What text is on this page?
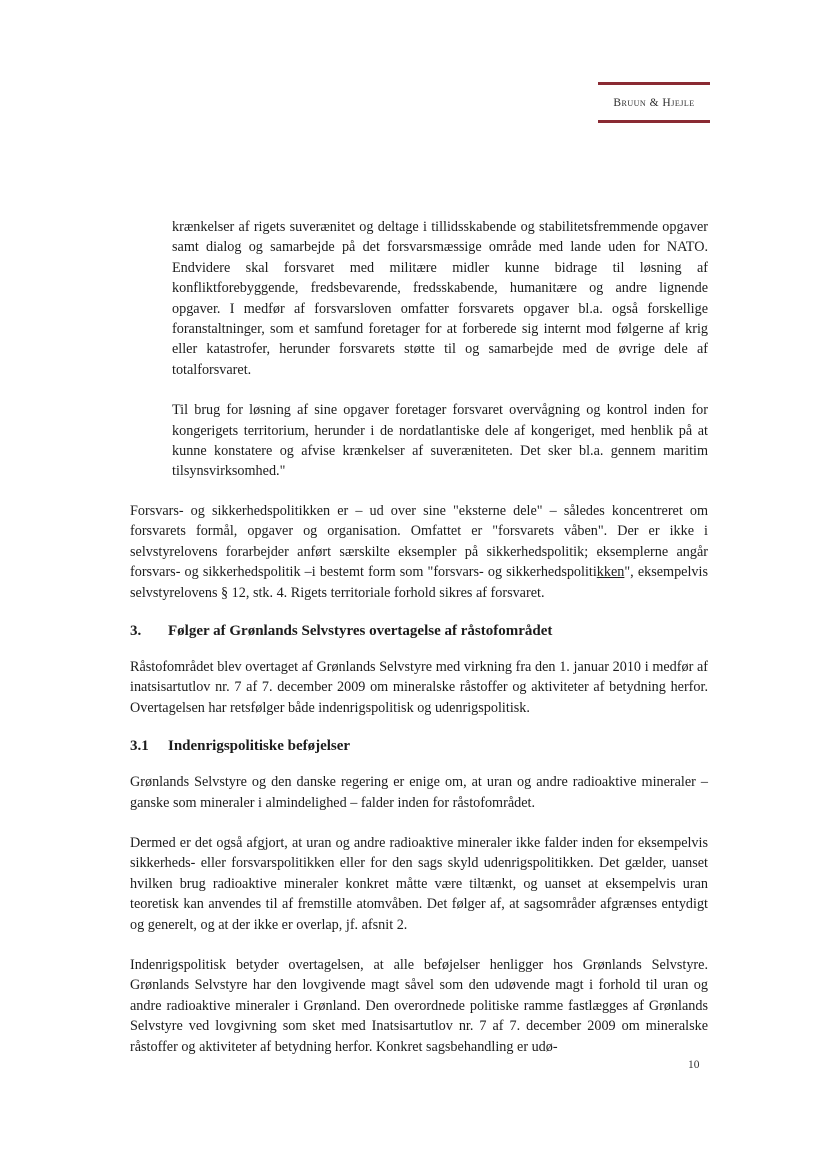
Bruun & Hjejle

krænkelser af rigets suverænitet og deltage i tillidsskabende og stabilitetsfremmende opgaver samt dialog og samarbejde på det forsvarsmæssige område med lande uden for NATO. Endvidere skal forsvaret med militære midler kunne bidrage til løsning af konfliktforebyggende, fredsbevarende, fredsskabende, humanitære og andre lignende opgaver. I medfør af forsvarsloven omfatter forsvarets opgaver bl.a. også forskellige foranstaltninger, som et samfund foretager for at forberede sig internt mod følgerne af krig eller katastrofer, herunder forsvarets støtte til og samarbejde med de øvrige dele af totalforsvaret.

Til brug for løsning af sine opgaver foretager forsvaret overvågning og kontrol inden for kongerigets territorium, herunder i de nordatlantiske dele af kongeriget, med henblik på at kunne konstatere og afvise krænkelser af suveræniteten. Det sker bl.a. gennem maritim tilsynsvirksomhed."

Forsvars- og sikkerhedspolitikken er – ud over sine "eksterne dele" – således koncentreret om forsvarets formål, opgaver og organisation. Omfattet er "forsvarets våben". Der er ikke i selvstyrelovens forarbejder anført særskilte eksempler på sikkerhedspolitik; eksemplerne angår forsvars- og sikkerhedspolitik –i bestemt form som "forsvars- og sikkerhedspolitikken", eksempelvis selvstyrelovens § 12, stk. 4. Rigets territoriale forhold sikres af forsvaret.

3.	Følger af Grønlands Selvstyres overtagelse af råstofområdet

Råstofområdet blev overtaget af Grønlands Selvstyre med virkning fra den 1. januar 2010 i medfør af inatsisartutlov nr. 7 af 7. december 2009 om mineralske råstoffer og aktiviteter af betydning herfor. Overtagelsen har retsfølger både indenrigspolitisk og udenrigspolitisk.

3.1	Indenrigspolitiske beføjelser

Grønlands Selvstyre og den danske regering er enige om, at uran og andre radioaktive mineraler – ganske som mineraler i almindelighed – falder inden for råstofområdet.

Dermed er det også afgjort, at uran og andre radioaktive mineraler ikke falder inden for eksempelvis sikkerheds- eller forsvarspolitikken eller for den sags skyld udenrigspolitikken. Det gælder, uanset hvilken brug radioaktive mineraler konkret måtte være tiltænkt, og uanset at eksempelvis uran teoretisk kan anvendes til af fremstille atomvåben. Det følger af, at sagsområder afgrænses entydigt og generelt, og at der ikke er overlap, jf. afsnit 2.

Indenrigspolitisk betyder overtagelsen, at alle beføjelser henligger hos Grønlands Selvstyre. Grønlands Selvstyre har den lovgivende magt såvel som den udøvende magt i forhold til uran og andre radioaktive mineraler i Grønland. Den overordnede politiske ramme fastlægges af Grønlands Selvstyre ved lovgivning som sket med Inatsisartutlov nr. 7 af 7. december 2009 om mineralske råstoffer og aktiviteter af betydning herfor. Konkret sagsbehandling er udø-

10
